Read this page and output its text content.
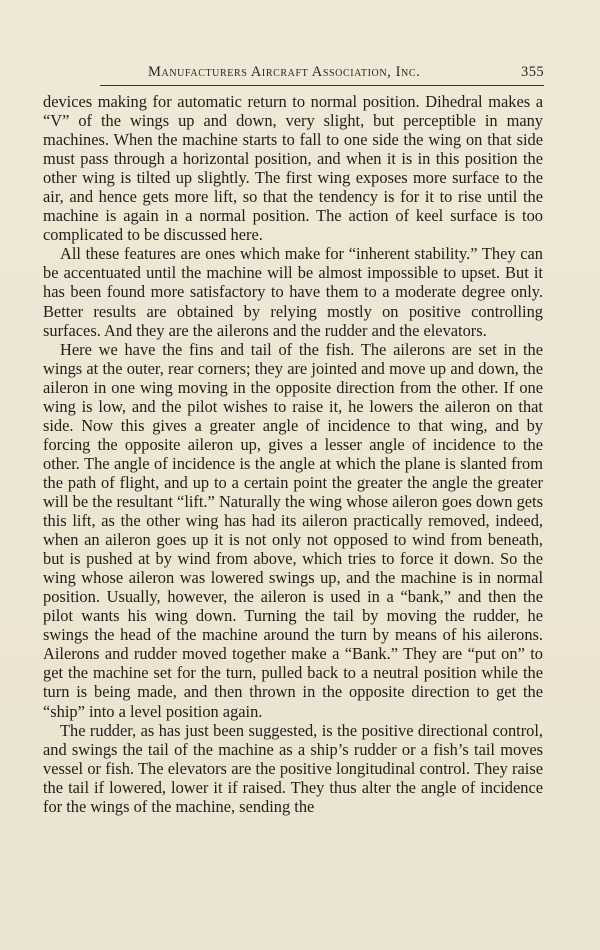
Manufacturers Aircraft Association, Inc.	355

devices making for automatic return to normal position. Dihedral makes a “V” of the wings up and down, very slight, but perceptible in many machines. When the machine starts to fall to one side the wing on that side must pass through a horizontal position, and when it is in this position the other wing is tilted up slightly. The first wing exposes more surface to the air, and hence gets more lift, so that the tendency is for it to rise until the machine is again in a normal position. The action of keel surface is too complicated to be discussed here.

All these features are ones which make for “inherent stability.” They can be accentuated until the machine will be almost impossible to upset. But it has been found more satisfactory to have them to a moderate degree only. Better results are obtained by relying mostly on positive controlling surfaces. And they are the ailerons and the rudder and the elevators.

Here we have the fins and tail of the fish. The ailerons are set in the wings at the outer, rear corners; they are jointed and move up and down, the aileron in one wing moving in the opposite direction from the other. If one wing is low, and the pilot wishes to raise it, he lowers the aileron on that side. Now this gives a greater angle of incidence to that wing, and by forcing the opposite aileron up, gives a lesser angle of incidence to the other. The angle of incidence is the angle at which the plane is slanted from the path of flight, and up to a certain point the greater the angle the greater will be the resultant “lift.” Naturally the wing whose aileron goes down gets this lift, as the other wing has had its aileron practically removed, indeed, when an aileron goes up it is not only not opposed to wind from beneath, but is pushed at by wind from above, which tries to force it down. So the wing whose aileron was lowered swings up, and the machine is in normal position. Usually, however, the aileron is used in a “bank,” and then the pilot wants his wing down. Turning the tail by moving the rudder, he swings the head of the machine around the turn by means of his ailerons. Ailerons and rudder moved together make a “Bank.” They are “put on” to get the machine set for the turn, pulled back to a neutral position while the turn is being made, and then thrown in the opposite direction to get the “ship” into a level position again.

The rudder, as has just been suggested, is the positive directional control, and swings the tail of the machine as a ship’s rudder or a fish’s tail moves vessel or fish. The elevators are the positive longitudinal control. They raise the tail if lowered, lower it if raised. They thus alter the angle of incidence for the wings of the machine, sending the
